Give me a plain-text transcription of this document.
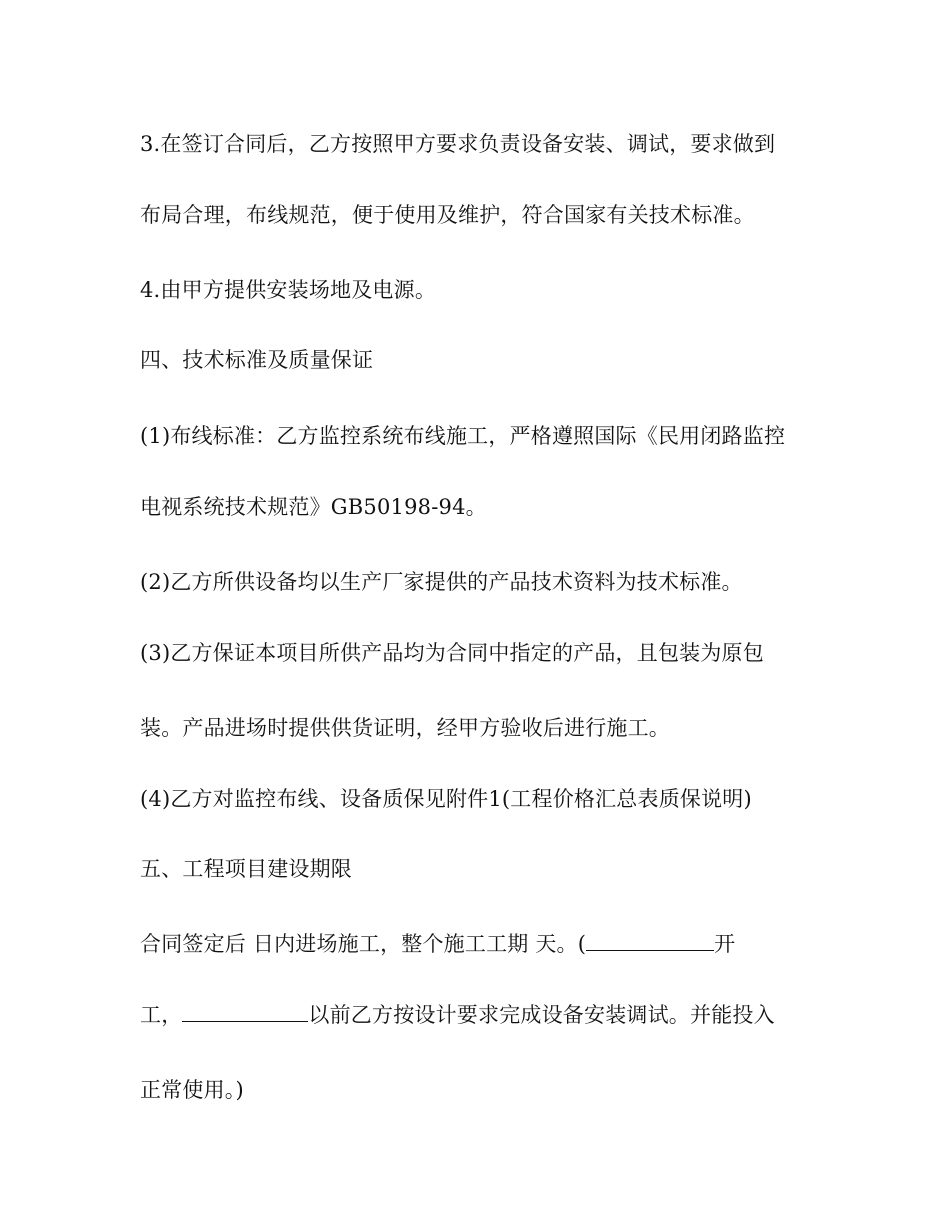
3.在签订合同后，乙方按照甲方要求负责设备安装、调试，要求做到
布局合理，布线规范，便于使用及维护，符合国家有关技术标准。
4.由甲方提供安装场地及电源。
四、技术标准及质量保证
(1)布线标准：乙方监控系统布线施工，严格遵照国际《民用闭路监控
电视系统技术规范》GB50198-94。
(2)乙方所供设备均以生产厂家提供的产品技术资料为技术标准。
(3)乙方保证本项目所供产品均为合同中指定的产品，且包装为原包
装。产品进场时提供供货证明，经甲方验收后进行施工。
(4)乙方对监控布线、设备质保见附件1(工程价格汇总表质保说明)
五、工程项目建设期限
合同签定后 日内进场施工，整个施工工期 天。(	开
工，	以前乙方按设计要求完成设备安装调试。并能投入
正常使用。)
